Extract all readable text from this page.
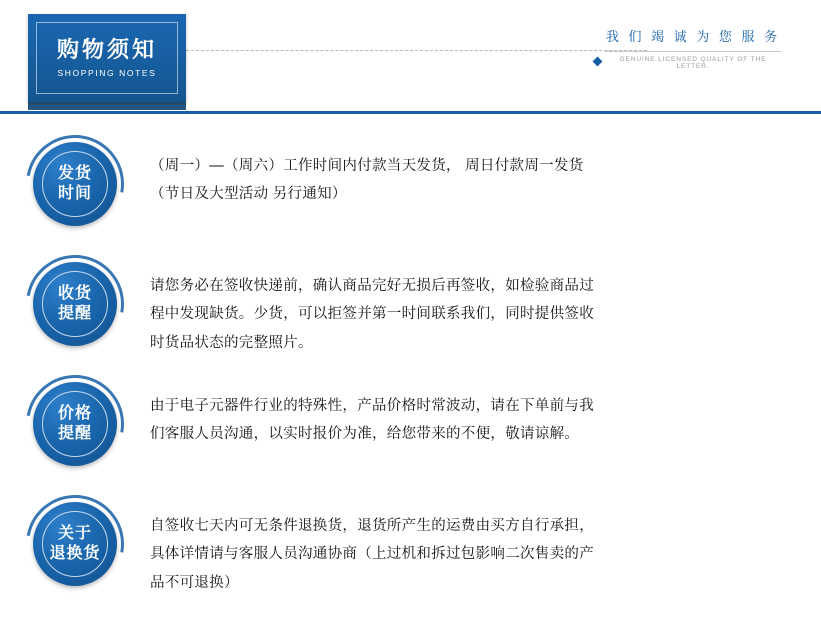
购物须知
SHOPPING NOTES
我 们 竭 诚 为 您 服 务
GENUINE LICENSED QUALITY OF THE LETTER.
发货
时间
（周一）—（周六）工作时间内付款当天发货， 周日付款周一发货
（节日及大型活动 另行通知）
收货
提醒
请您务必在签收快递前，确认商品完好无损后再签收，如检验商品过
程中发现缺货。少货，可以拒签并第一时间联系我们，同时提供签收
时货品状态的完整照片。
价格
提醒
由于电子元器件行业的特殊性，产品价格时常波动，请在下单前与我
们客服人员沟通，以实时报价为准，给您带来的不便，敬请谅解。
关于
退换货
自签收七天内可无条件退换货，退货所产生的运费由买方自行承担，
具体详情请与客服人员沟通协商（上过机和拆过包影响二次售卖的产
品不可退换）
